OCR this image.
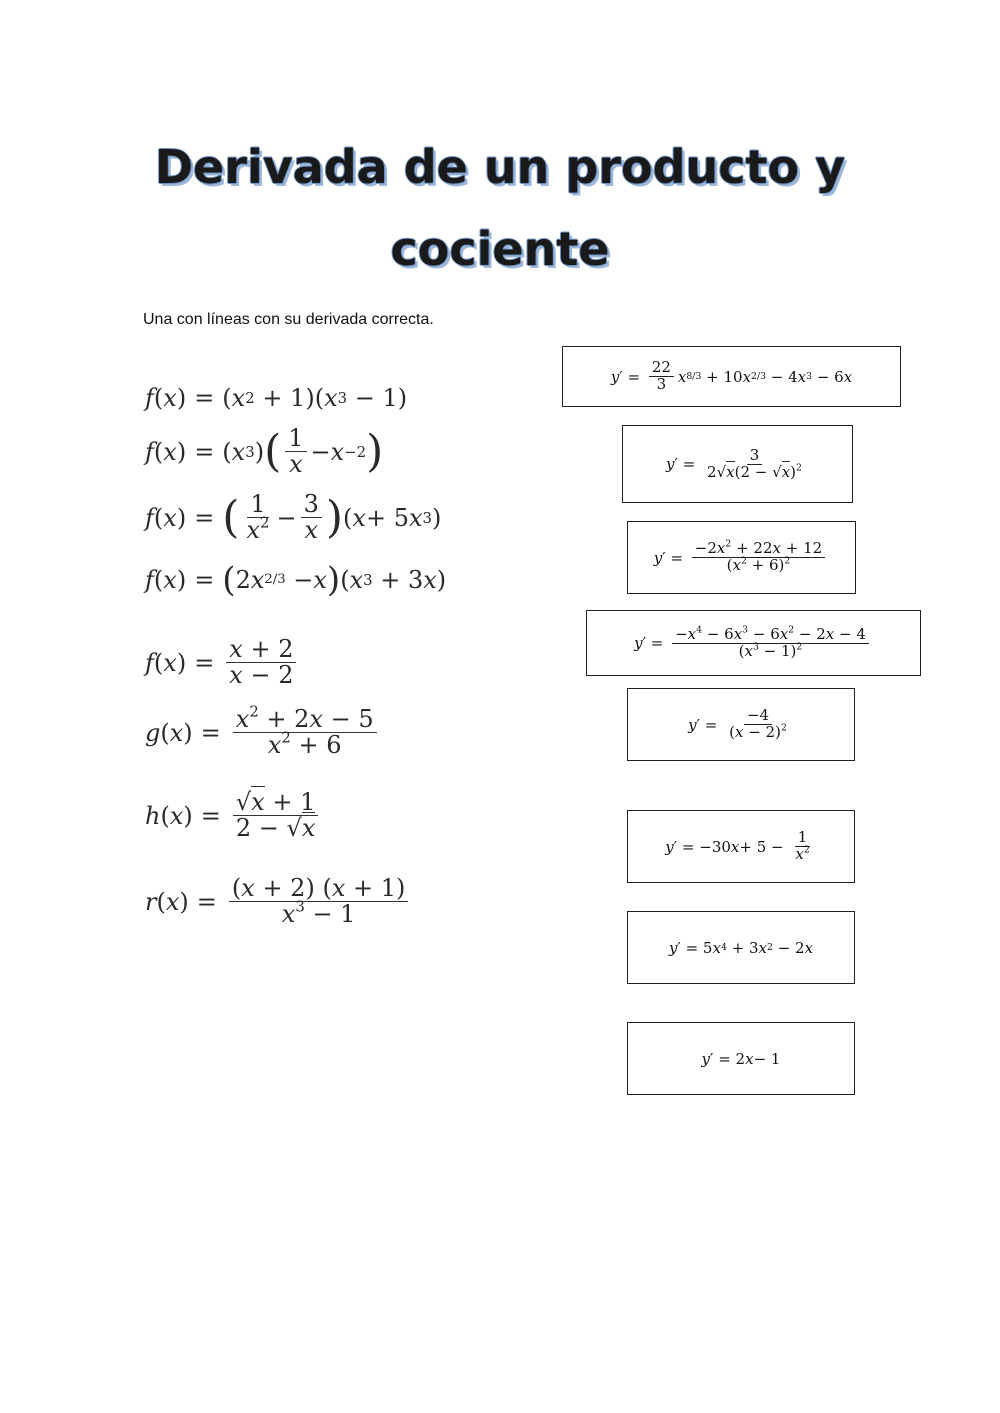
Derivada de un producto y
cociente
Una con líneas con su derivada correcta.
f ( x ) = ( x 2 + 1)( x 3 − 1)
f ( x ) = ( x 3 ) ( $\frac{1}{x} - x -2$ )
f ( x ) = ( $\frac{1}{x^2} - \frac{3}{x}$ ) ( x + 5 x 3 )
f ( x ) = ( 2 x 2/3 − x ) ( x 3 + 3 x )
f ( x ) = $\frac{x + 2}{x - 2}$
g ( x ) = $\frac{x^2 + 2x - 5}{x^2 + 6}$
h ( x ) = $\frac{√x + 1}{2 - √x}$
r ( x ) = $\frac{(x + 2) (x + 1)}{x^3 - 1}$
y ′ = $\frac{22}{3}$ x 8/3 + 10 x 2/3 − 4 x 3 − 6 x
y ′ = $\frac{3}{2√x(2 - √x)^2}$
y ′ = $\frac{-2x^2 + 22x + 12}{(x^2 + 6)^2}$
y ′ = $\frac{-x^4 - 6x^3 - 6x^2 - 2x - 4}{(x^3 - 1)^2}$
y ′ = $\frac{-4}{(x - 2)^2}$
y ′ = −30 $x + 5 - \frac{1}{x^2}$
y ′ = 5 x 4 + 3 x 2 − 2 x
y ′ = 2 x − 1
